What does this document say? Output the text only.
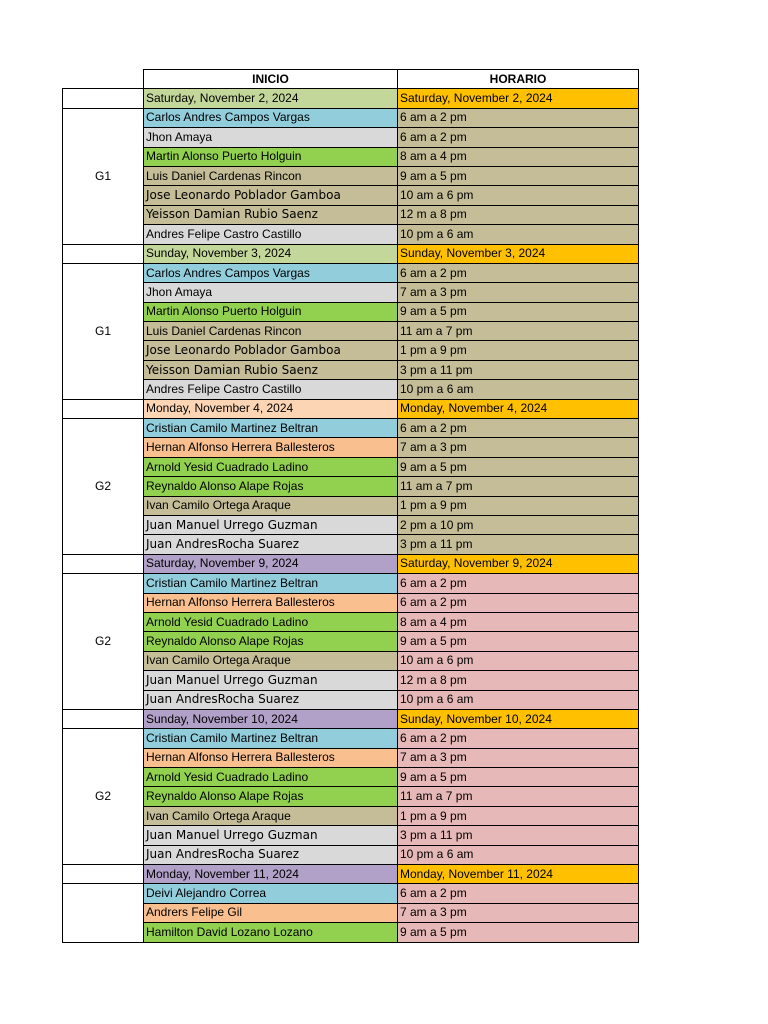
	INICIO	HORARIO
	Saturday, November 2, 2024	Saturday, November 2, 2024
G1	Carlos Andres Campos Vargas	6 am a 2 pm
	Jhon Amaya	6 am a 2 pm
	Martin Alonso Puerto Holguin	8 am a 4 pm
	Luis Daniel Cardenas Rincon	9 am a 5 pm
	Jose Leonardo Poblador Gamboa	10 am a 6 pm
	Yeisson Damian Rubio Saenz	12 m a 8 pm
	Andres Felipe Castro Castillo	10 pm a 6 am
	Sunday, November 3, 2024	Sunday, November 3, 2024
G1	Carlos Andres Campos Vargas	6 am a 2 pm
	Jhon Amaya	7 am a 3 pm
	Martin Alonso Puerto Holguin	9 am a 5 pm
	Luis Daniel Cardenas Rincon	11 am a 7 pm
	Jose Leonardo Poblador Gamboa	1 pm a 9 pm
	Yeisson Damian Rubio Saenz	3 pm a 11 pm
	Andres Felipe Castro Castillo	10 pm a 6 am
	Monday, November 4, 2024	Monday, November 4, 2024
G2	Cristian Camilo Martinez Beltran	6 am a 2 pm
	Hernan Alfonso Herrera Ballesteros	7 am a 3 pm
	Arnold Yesid Cuadrado Ladino	9 am a 5 pm
	Reynaldo Alonso Alape Rojas	11 am a 7 pm
	Ivan Camilo Ortega Araque	1 pm a 9 pm
	Juan Manuel Urrego Guzman	2 pm a 10 pm
	Juan AndresRocha Suarez	3 pm a 11 pm
	Saturday, November 9, 2024	Saturday, November 9, 2024
G2	Cristian Camilo Martinez Beltran	6 am a 2 pm
	Hernan Alfonso Herrera Ballesteros	6 am a 2 pm
	Arnold Yesid Cuadrado Ladino	8 am a 4 pm
	Reynaldo Alonso Alape Rojas	9 am a 5 pm
	Ivan Camilo Ortega Araque	10 am a 6 pm
	Juan Manuel Urrego Guzman	12 m a 8 pm
	Juan AndresRocha Suarez	10 pm a 6 am
	Sunday, November 10, 2024	Sunday, November 10, 2024
G2	Cristian Camilo Martinez Beltran	6 am a 2 pm
	Hernan Alfonso Herrera Ballesteros	7 am a 3 pm
	Arnold Yesid Cuadrado Ladino	9 am a 5 pm
	Reynaldo Alonso Alape Rojas	11 am a 7 pm
	Ivan Camilo Ortega Araque	1 pm a 9 pm
	Juan Manuel Urrego Guzman	3 pm a 11 pm
	Juan AndresRocha Suarez	10 pm a 6 am
	Monday, November 11, 2024	Monday, November 11, 2024
	Deivi Alejandro Correa	6 am a 2 pm
	Andrers Felipe Gil	7 am a 3 pm
	Hamilton David Lozano Lozano	9 am a 5 pm
